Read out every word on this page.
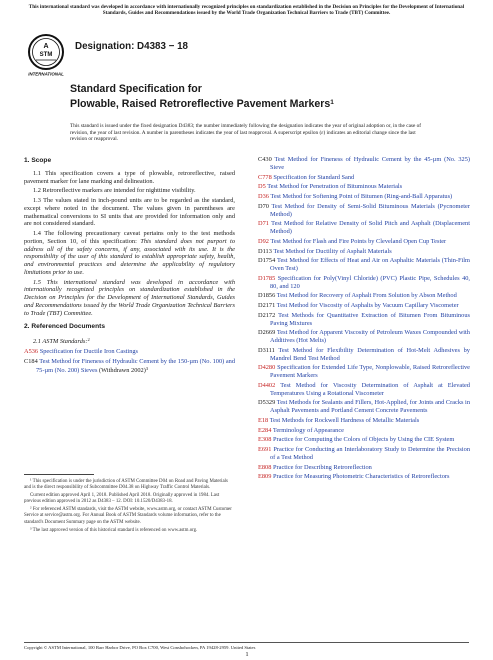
This international standard was developed in accordance with internationally recognized principles on standardization established in the Decision on Principles for the Development of International Standards, Guides and Recommendations issued by the World Trade Organization Technical Barriers to Trade (TBT) Committee.
A
STM
INTERNATIONAL
Designation: D4383 − 18
Standard Specification for
Plowable, Raised Retroreflective Pavement Markers$^1$
This standard is issued under the fixed designation D4383; the number immediately following the designation indicates the year of original adoption or, in the case of revision, the year of last revision. A number in parentheses indicates the year of last reapproval. A superscript epsilon (ε) indicates an editorial change since the last revision or reapproval.
1. Scope

1.1 This specification covers a type of plowable, retroreflective, raised pavement marker for lane marking and delineation.

1.2 Retroreflective markers are intended for nighttime visibility.

1.3 The values stated in inch-pound units are to be regarded as the standard, except where noted in the document. The values given in parentheses are mathematical conversions to SI units that are provided for information only and are not considered standard.

1.4 The following precautionary caveat pertains only to the test methods portion, Section 10, of this specification: This standard does not purport to address all of the safety concerns, if any, associated with its use. It is the responsibility of the user of this standard to establish appropriate safety, health, and environmental practices and determine the applicability of regulatory limitations prior to use.

1.5 This international standard was developed in accordance with internationally recognized principles on standardization established in the Decision on Principles for the Development of International Standards, Guides and Recommendations issued by the World Trade Organization Technical Barriers to Trade (TBT) Committee.

2. Referenced Documents

2.1 ASTM Standards:$^2$

A536 Specification for Ductile Iron Castings

C184 Test Method for Fineness of Hydraulic Cement by the 150-µm (No. 100) and 75-µm (No. 200) Sieves (Withdrawn 2002)$^3$

C430 Test Method for Fineness of Hydraulic Cement by the 45-µm (No. 325) Sieve

C778 Specification for Standard Sand

D5 Test Method for Penetration of Bituminous Materials

D36 Test Method for Softening Point of Bitumen (Ring-and-Ball Apparatus)

D70 Test Method for Density of Semi-Solid Bituminous Materials (Pycnometer Method)

D71 Test Method for Relative Density of Solid Pitch and Asphalt (Displacement Method)

D92 Test Method for Flash and Fire Points by Cleveland Open Cup Tester

D113 Test Method for Ductility of Asphalt Materials

D1754 Test Method for Effects of Heat and Air on Asphaltic Materials (Thin-Film Oven Test)

D1785 Specification for Poly(Vinyl Chloride) (PVC) Plastic Pipe, Schedules 40, 80, and 120

D1856 Test Method for Recovery of Asphalt From Solution by Abson Method

D2171 Test Method for Viscosity of Asphalts by Vacuum Capillary Viscometer

D2172 Test Methods for Quantitative Extraction of Bitumen From Bituminous Paving Mixtures

D2669 Test Method for Apparent Viscosity of Petroleum Waxes Compounded with Additives (Hot Melts)

D3111 Test Method for Flexibility Determination of Hot-Melt Adhesives by Mandrel Bend Test Method

D4280 Specification for Extended Life Type, Nonplowable, Raised Retroreflective Pavement Markers

D4402 Test Method for Viscosity Determination of Asphalt at Elevated Temperatures Using a Rotational Viscometer

D5329 Test Methods for Sealants and Fillers, Hot-Applied, for Joints and Cracks in Asphalt Pavements and Portland Cement Concrete Pavements

E18 Test Methods for Rockwell Hardness of Metallic Materials

E284 Terminology of Appearance

E308 Practice for Computing the Colors of Objects by Using the CIE System

E691 Practice for Conducting an Interlaboratory Study to Determine the Precision of a Test Method

E808 Practice for Describing Retroreflection

E809 Practice for Measuring Photometric Characteristics of Retroreflectors

¹ This specification is under the jurisdiction of ASTM Committee D04 on Road and Paving Materials and is the direct responsibility of Subcommittee D04.38 on Highway Traffic Control Materials.

Current edition approved April 1, 2018. Published April 2018. Originally approved in 1984. Last previous edition approved in 2012 as D4383 – 12. DOI: 10.1520/D4383-18.

² For referenced ASTM standards, visit the ASTM website, www.astm.org, or contact ASTM Customer Service at service@astm.org. For Annual Book of ASTM Standards volume information, refer to the standard's Document Summary page on the ASTM website.

³ The last approved version of this historical standard is referenced on www.astm.org.

Copyright © ASTM International, 100 Barr Harbor Drive, PO Box C700, West Conshohocken, PA 19428-2959. United States
1
